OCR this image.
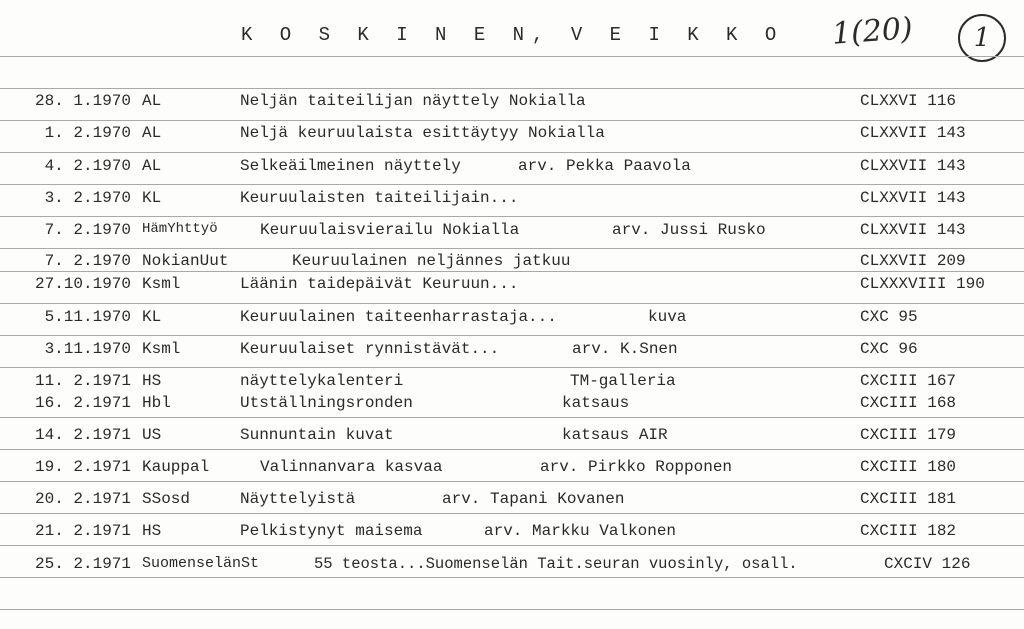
K O S K I N E N, V E I K K O 1(20)	1
28. 1.1970 AL	Neljän taiteilijan näyttely Nokialla	CLXXVI 116
1. 2.1970 AL	Neljä keuruulaista esittäytyy Nokialla	CLXXVII 143
4. 2.1970 AL	Selkeäilmeinen näyttely	arv. Pekka Paavola	CLXXVII 143
3. 2.1970 KL	Keuruulaisten taiteilijain...	CLXXVII 143
7. 2.1970 HämYhttyö	Keuruulaisvierailu Nokialla	arv. Jussi Rusko	CLXXVII 143
7. 2.1970 NokianUut	Keuruulainen neljännes jatkuu	CLXXVII 209
27.10.1970 Ksml	Läänin taidepäivät Keuruun...	CLXXXVIII 190
5.11.1970 KL	Keuruulainen taiteenharrastaja...	kuva	CXC 95
3.11.1970 Ksml	Keuruulaiset rynnistävät...	arv. K.Snen	CXC 96
11. 2.1971 HS	näyttelykalenteri	TM-galleria	CXCIII 167
16. 2.1971 Hbl	Utställningsronden	katsaus	CXCIII 168
14. 2.1971 US	Sunnuntain kuvat	katsaus AIR	CXCIII 179
19. 2.1971 Kauppal	Valinnanvara kasvaa	arv. Pirkko Ropponen	CXCIII 180
20. 2.1971 SSosd	Näyttelyistä	arv. Tapani Kovanen	CXCIII 181
21. 2.1971 HS	Pelkistynyt maisema	arv. Markku Valkonen	CXCIII 182
25. 2.1971 SuomenselänSt	55 teosta...Suomenselän Tait.seuran vuosinly, osall.	CXCIV 126
